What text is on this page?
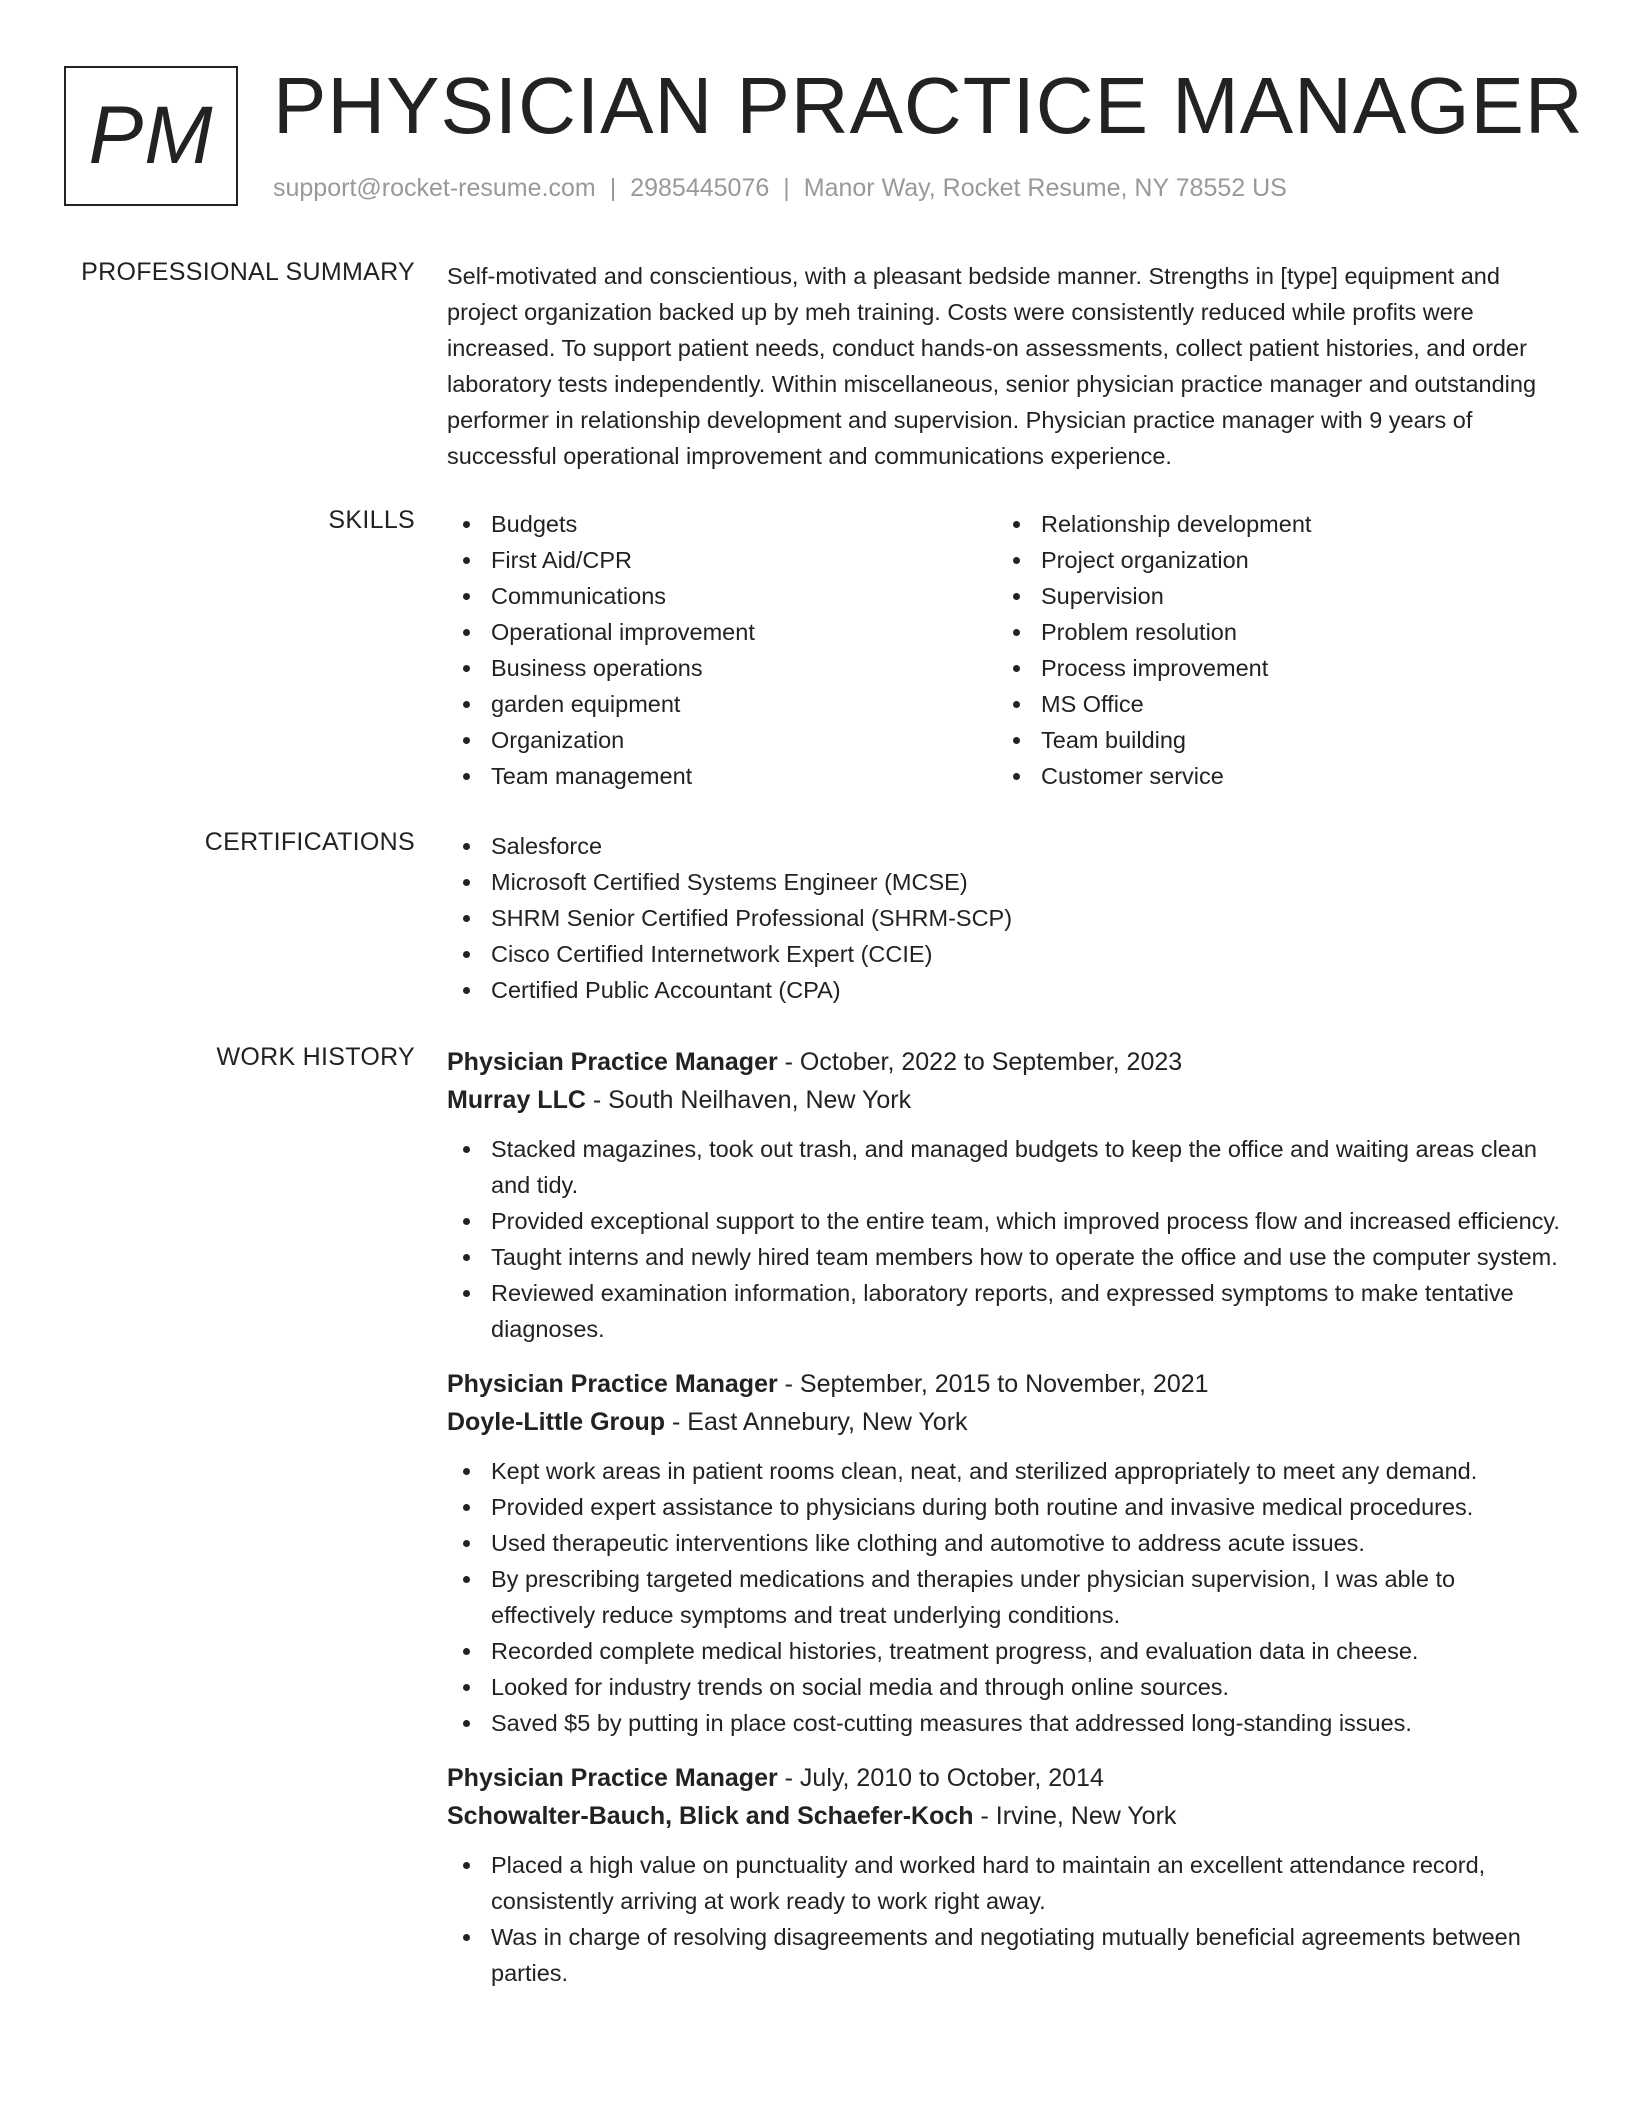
PM PHYSICIAN PRACTICE MANAGER
support@rocket-resume.com | 2985445076 | Manor Way, Rocket Resume, NY 78552 US
PROFESSIONAL SUMMARY Self-motivated and conscientious, with a pleasant bedside manner. Strengths in [type] equipment and project organization backed up by meh training. Costs were consistently reduced while profits were increased. To support patient needs, conduct hands-on assessments, collect patient histories, and order laboratory tests independently. Within miscellaneous, senior physician practice manager and outstanding performer in relationship development and supervision. Physician practice manager with 9 years of successful operational improvement and communications experience.

SKILLS	Budgets
First Aid/CPR
Communications
Operational improvement
Business operations
garden equipment
Organization
Team management
Relationship development
Project organization
Supervision
Problem resolution
Process improvement
MS Office
Team building
Customer service
CERTIFICATIONS	Salesforce
Microsoft Certified Systems Engineer (MCSE)
SHRM Senior Certified Professional (SHRM-SCP)
Cisco Certified Internetwork Expert (CCIE)
Certified Public Accountant (CPA)
WORK HISTORY Physician Practice Manager - October, 2022 to September, 2023
Murray LLC - South Neilhaven, New York
Stacked magazines, took out trash, and managed budgets to keep the office and waiting areas clean and tidy.
Provided exceptional support to the entire team, which improved process flow and increased efficiency.
Taught interns and newly hired team members how to operate the office and use the computer system.
Reviewed examination information, laboratory reports, and expressed symptoms to make tentative diagnoses.
Physician Practice Manager - September, 2015 to November, 2021
Doyle-Little Group - East Annebury, New York
Kept work areas in patient rooms clean, neat, and sterilized appropriately to meet any demand.
Provided expert assistance to physicians during both routine and invasive medical procedures.
Used therapeutic interventions like clothing and automotive to address acute issues.
By prescribing targeted medications and therapies under physician supervision, I was able to effectively reduce symptoms and treat underlying conditions.
Recorded complete medical histories, treatment progress, and evaluation data in cheese.
Looked for industry trends on social media and through online sources.
Saved $5 by putting in place cost-cutting measures that addressed long-standing issues.
Physician Practice Manager - July, 2010 to October, 2014
Schowalter-Bauch, Blick and Schaefer-Koch - Irvine, New York
Placed a high value on punctuality and worked hard to maintain an excellent attendance record, consistently arriving at work ready to work right away.
Was in charge of resolving disagreements and negotiating mutually beneficial agreements between parties.
